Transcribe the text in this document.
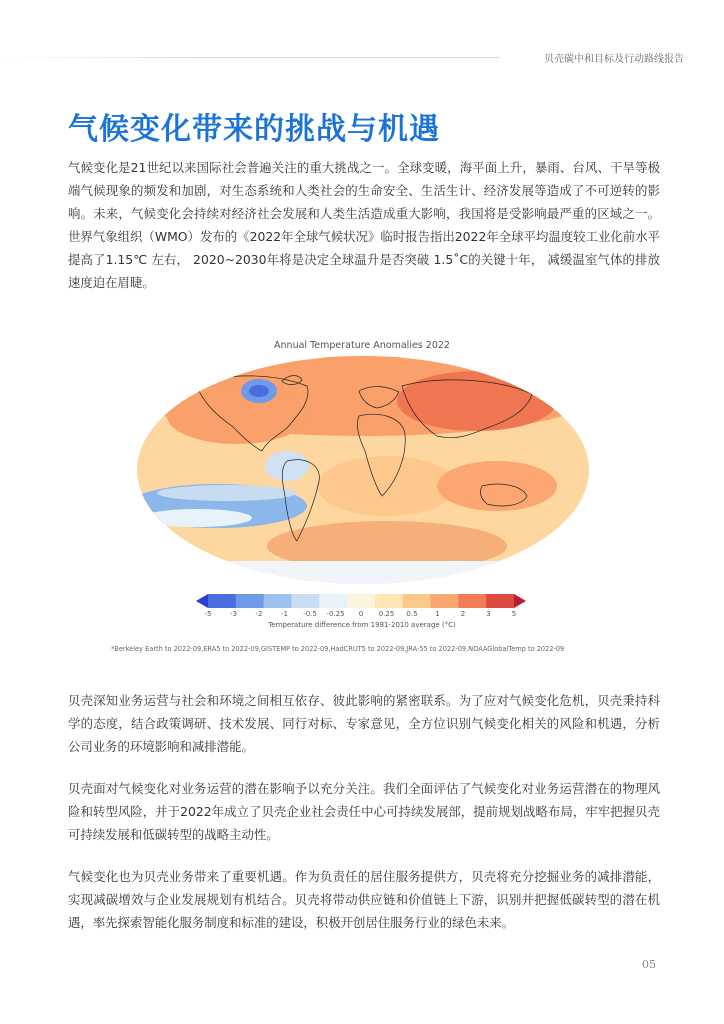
贝壳碳中和目标及行动路线报告
气候变化带来的挑战与机遇

气候变化是21世纪以来国际社会普遍关注的重大挑战之一。全球变暖，海平面上升，暴雨、台风、干旱等极端气候现象的频发和加剧，对生态系统和人类社会的生命安全、生活生计、经济发展等造成了不可逆转的影响。未来，气候变化会持续对经济社会发展和人类生活造成重大影响，我国将是受影响最严重的区域之一。世界气象组织（WMO）发布的《2022年全球气候状况》临时报告指出2022年全球平均温度较工业化前水平提高了1.15℃ 左右， 2020~2030年将是决定全球温升是否突破 1.5˚C的关键十年， 减缓温室气体的排放速度迫在眉睫。

Annual Temperature Anomalies 2022
-5	-3	-2	-1 -0.5 -0.25 0 0.25 0.5	1	2	3	5
Temperature difference from 1981-2010 average (°C)
*Berkeley Earth to 2022-09,ERA5 to 2022-09,GISTEMP to 2022-09,HadCRUT5 to 2022-09,JRA-55 to 2022-09,NOAAGlobalTemp to 2022-09

贝壳深知业务运营与社会和环境之间相互依存、彼此影响的紧密联系。为了应对气候变化危机，贝壳秉持科学的态度，结合政策调研、技术发展、同行对标、专家意见，全方位识别气候变化相关的风险和机遇，分析公司业务的环境影响和减排潜能。

贝壳面对气候变化对业务运营的潜在影响予以充分关注。我们全面评估了气候变化对业务运营潜在的物理风险和转型风险，并于2022年成立了贝壳企业社会责任中心可持续发展部，提前规划战略布局，牢牢把握贝壳可持续发展和低碳转型的战略主动性。

气候变化也为贝壳业务带来了重要机遇。作为负责任的居住服务提供方，贝壳将充分挖掘业务的减排潜能，实现减碳增效与企业发展规划有机结合。贝壳将带动供应链和价值链上下游，识别并把握低碳转型的潜在机遇，率先探索智能化服务制度和标准的建设，积极开创居住服务行业的绿色未来。

05
